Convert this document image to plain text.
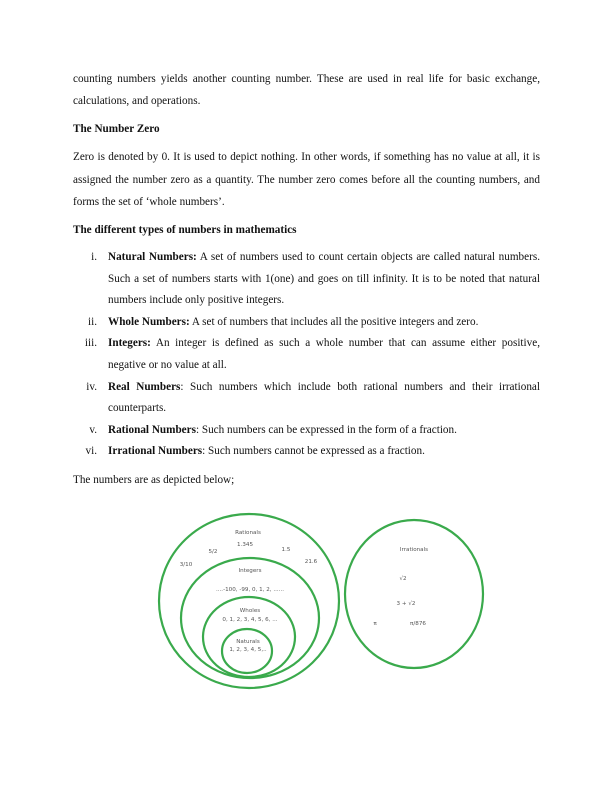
counting numbers yields another counting number. These are used in real life for basic exchange, calculations, and operations.

The Number Zero

Zero is denoted by 0. It is used to depict nothing. In other words, if something has no value at all, it is assigned the number zero as a quantity. The number zero comes before all the counting numbers, and forms the set of ‘whole numbers’.

The different types of numbers in mathematics
i. Natural Numbers: A set of numbers used to count certain objects are called natural numbers. Such a set of numbers starts with 1(one) and goes on till infinity. It is to be noted that natural numbers include only positive integers.
ii. Whole Numbers: A set of numbers that includes all the positive integers and zero.
iii. Integers: An integer is defined as such a whole number that can assume either positive, negative or no value at all.
iv. Real Numbers: Such numbers which include both rational numbers and their irrational counterparts.
v. Rational Numbers: Such numbers can be expressed in the form of a fraction.
vi. Irrational Numbers: Such numbers cannot be expressed as a fraction.

The numbers are as depicted below;

Rationals
1.345
5/2	1.5
3/10	21.6
Integers
....-100, -99, 0, 1, 2, ......
Wholes
0, 1, 2, 3, 4, 5, 6, ...
Naturals
1, 2, 3, 4, 5,..
Irrationals
√2
3 + √2
π	π/876
